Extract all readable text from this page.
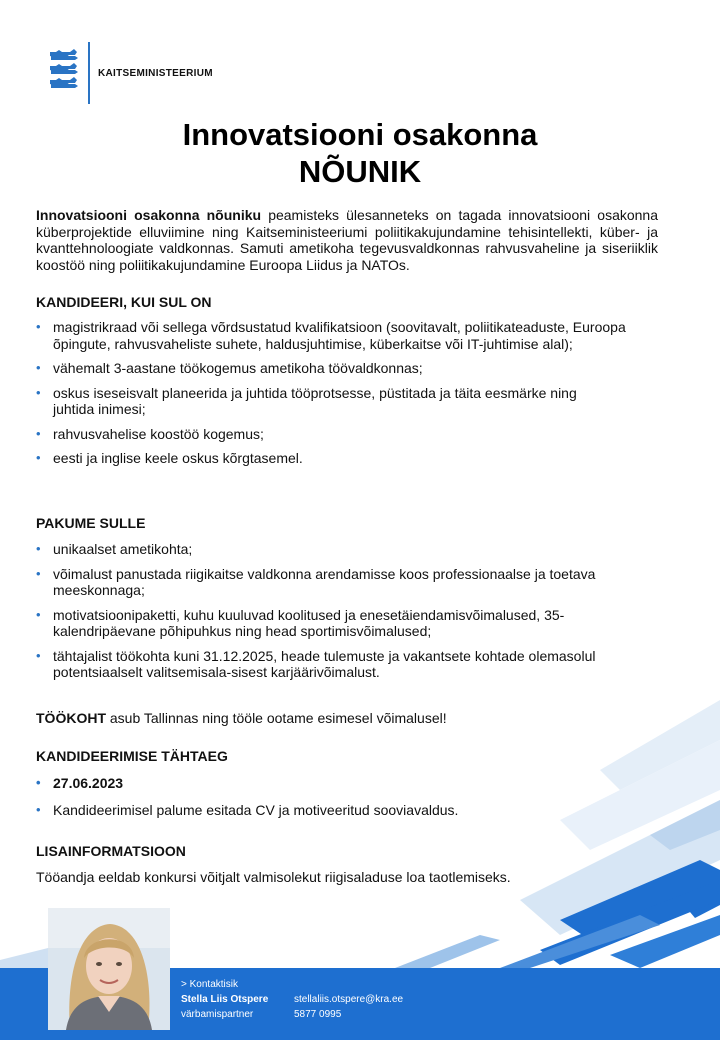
KAITSEMINISTEERIUM
Innovatsiooni osakonna
NÕUNIK
Innovatsiooni osakonna nõuniku peamisteks ülesanneteks on tagada innovatsiooni osakonna küberprojektide elluviimine ning Kaitseministeeriumi poliitikakujundamine tehisintellekti, küber- ja kvanttehnoloogiate valdkonnas. Samuti ametikoha tegevusvaldkonnas rahvusvaheline ja siseriiklik koostöö ning poliitikakujundamine Euroopa Liidus ja NATOs.
KANDIDEERI, KUI SUL ON
• magistrikraad või sellega võrdsustatud kvalifikatsioon (soovitavalt, poliitikateaduste, Euroopa õpingute, rahvusvaheliste suhete, haldusjuhtimise, küberkaitse või IT-juhtimise alal);
• vähemalt 3-aastane töökogemus ametikoha töövaldkonnas;
• oskus iseseisvalt planeerida ja juhtida tööprotsesse, püstitada ja täita eesmärke ning juhtida inimesi;
• rahvusvahelise koostöö kogemus;
• eesti ja inglise keele oskus kõrgtasemel.
PAKUME SULLE
• unikaalset ametikohta;
• võimalust panustada riigikaitse valdkonna arendamisse koos professionaalse ja toetava meeskonnaga;
• motivatsioonipaketti, kuhu kuuluvad koolitused ja enesetäiendamisvõimalused, 35-kalendripäevane põhipuhkus ning head sportimisvõimalused;
• tähtajalist töökohta kuni 31.12.2025, heade tulemuste ja vakantsete kohtade olemasolul potentsiaalselt valitsemisala-sisest karjäärivõimalust.
TÖÖKOHT asub Tallinnas ning tööle ootame esimesel võimalusel!
KANDIDEERIMISE TÄHTAEG
• 27.06.2023
• Kandideerimisel palume esitada CV ja motiveeritud sooviavaldus.
LISAINFORMATSIOON
Tööandja eeldab konkursi võitjalt valmisolekut riigisaladuse loa taotlemiseks.
> Kontaktisik
Stella Liis Otspere
värbamispartner
stellaliis.otspere@kra.ee
5877 0995
